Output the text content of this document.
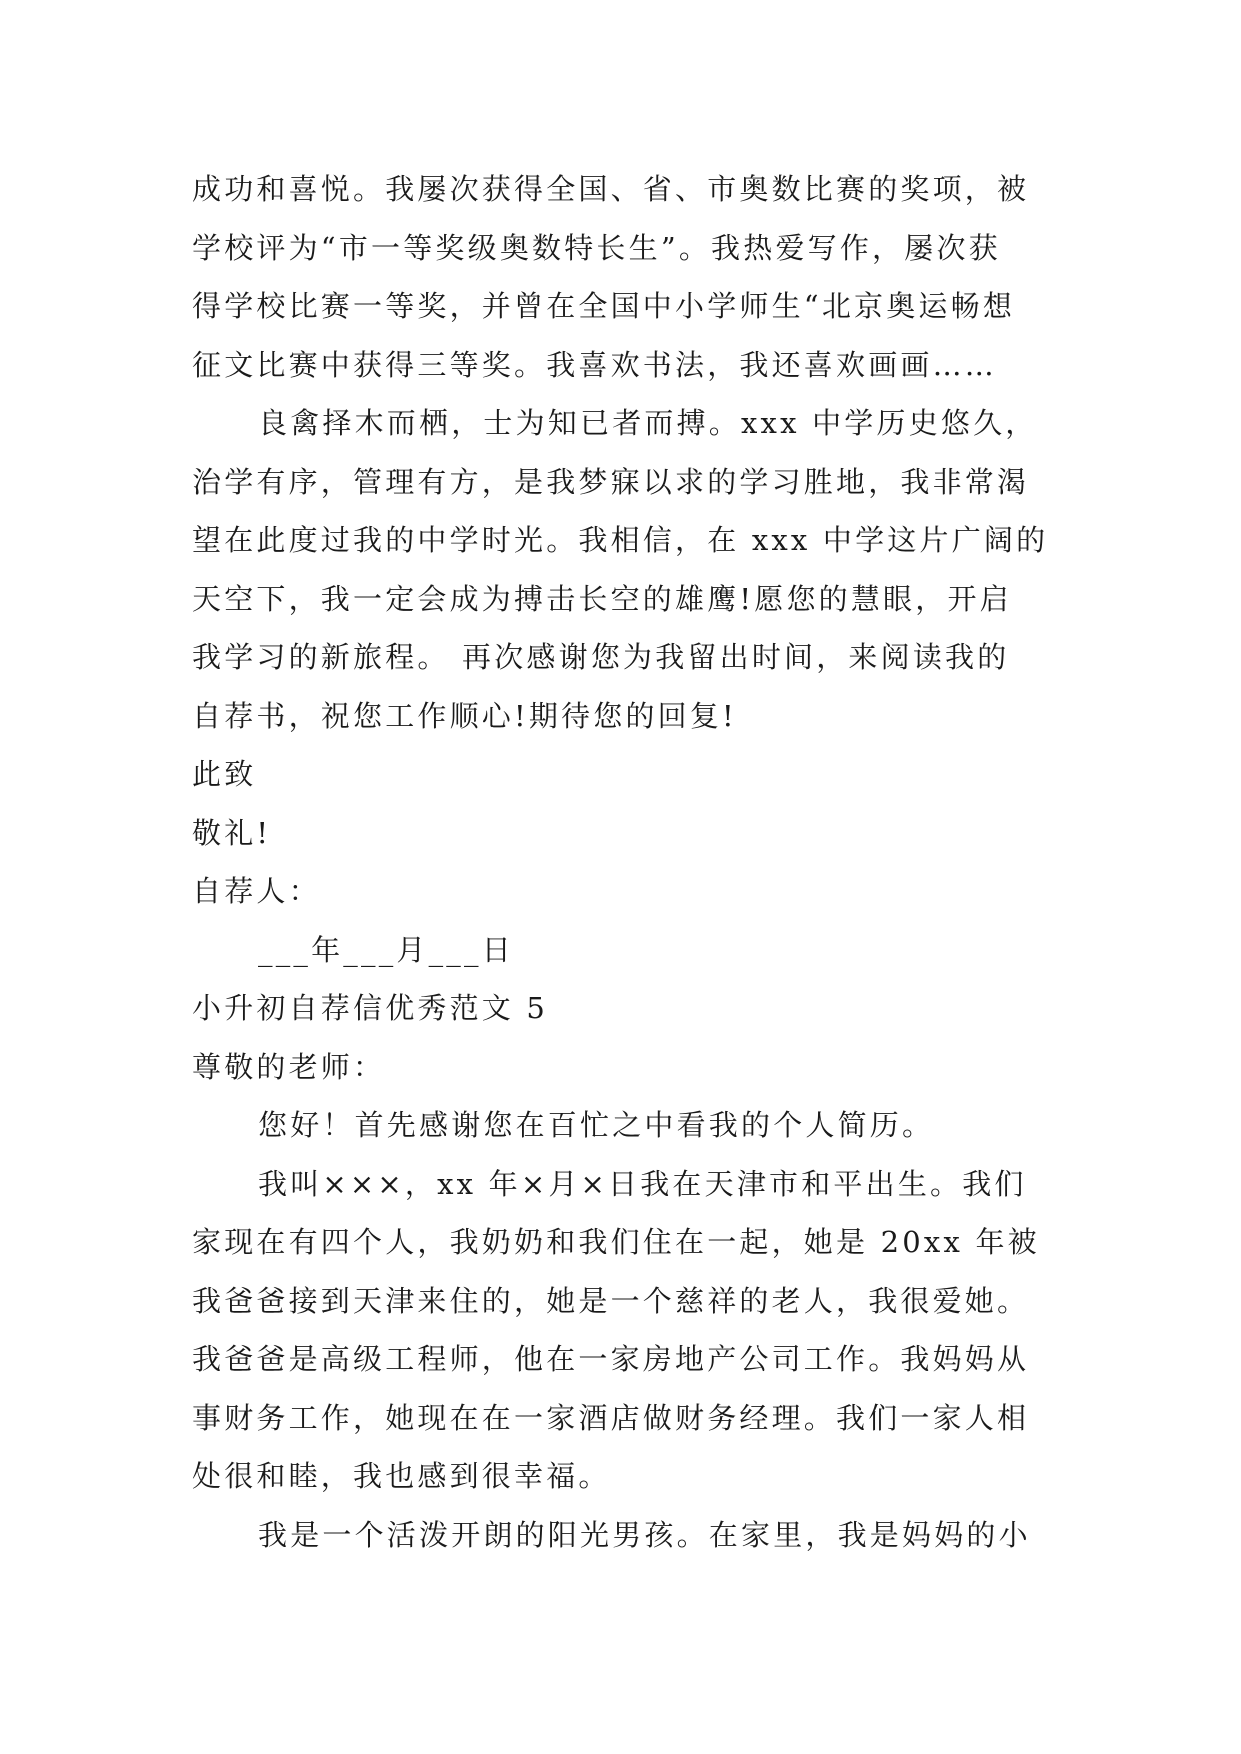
成功和喜悦。我屡次获得全国、省、市奥数比赛的奖项，被
学校评为“市一等奖级奥数特长生”。我热爱写作，屡次获
得学校比赛一等奖，并曾在全国中小学师生“北京奥运畅想
征文比赛中获得三等奖。我喜欢书法，我还喜欢画画……
良禽择木而栖，士为知已者而搏。xxx 中学历史悠久，
治学有序，管理有方，是我梦寐以求的学习胜地，我非常渴
望在此度过我的中学时光。我相信，在 xxx 中学这片广阔的
天空下，我一定会成为搏击长空的雄鹰!愿您的慧眼，开启
我学习的新旅程。 再次感谢您为我留出时间，来阅读我的
自荐书，祝您工作顺心!期待您的回复!
此致
敬礼!
自荐人：
___年___月___日
小升初自荐信优秀范文 5
尊敬的老师：
您好！首先感谢您在百忙之中看我的个人简历。
我叫×××，xx 年×月×日我在天津市和平出生。我们
家现在有四个人，我奶奶和我们住在一起，她是 20xx 年被
我爸爸接到天津来住的，她是一个慈祥的老人，我很爱她。
我爸爸是高级工程师，他在一家房地产公司工作。我妈妈从
事财务工作，她现在在一家酒店做财务经理。我们一家人相
处很和睦，我也感到很幸福。
我是一个活泼开朗的阳光男孩。在家里，我是妈妈的小
